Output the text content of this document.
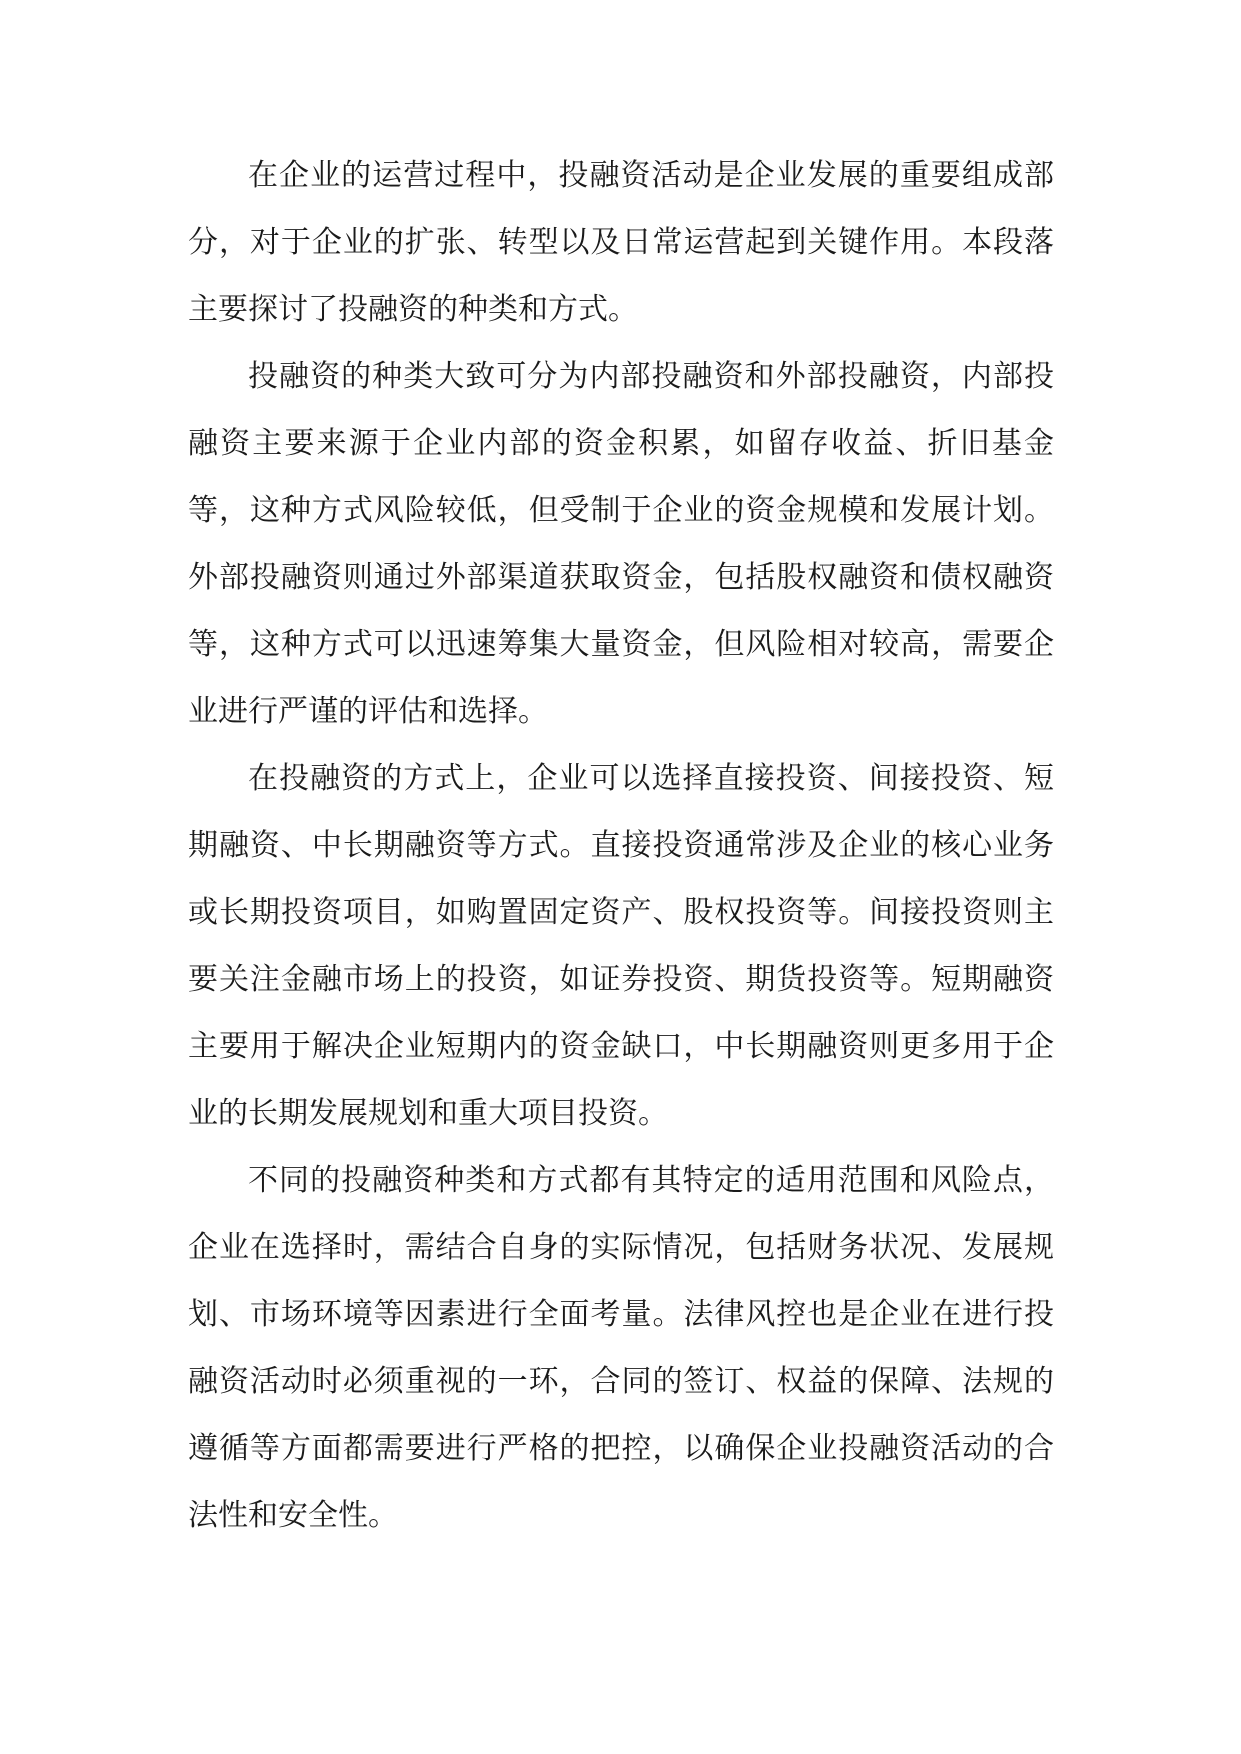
在企业的运营过程中，投融资活动是企业发展的重要组成部分，对于企业的扩张、转型以及日常运营起到关键作用。本段落主要探讨了投融资的种类和方式。

投融资的种类大致可分为内部投融资和外部投融资，内部投融资主要来源于企业内部的资金积累，如留存收益、折旧基金等，这种方式风险较低，但受制于企业的资金规模和发展计划。外部投融资则通过外部渠道获取资金，包括股权融资和债权融资等，这种方式可以迅速筹集大量资金，但风险相对较高，需要企业进行严谨的评估和选择。

在投融资的方式上，企业可以选择直接投资、间接投资、短期融资、中长期融资等方式。直接投资通常涉及企业的核心业务或长期投资项目，如购置固定资产、股权投资等。间接投资则主要关注金融市场上的投资，如证券投资、期货投资等。短期融资主要用于解决企业短期内的资金缺口，中长期融资则更多用于企业的长期发展规划和重大项目投资。

不同的投融资种类和方式都有其特定的适用范围和风险点，企业在选择时，需结合自身的实际情况，包括财务状况、发展规划、市场环境等因素进行全面考量。法律风控也是企业在进行投融资活动时必须重视的一环，合同的签订、权益的保障、法规的遵循等方面都需要进行严格的把控，以确保企业投融资活动的合法性和安全性。
